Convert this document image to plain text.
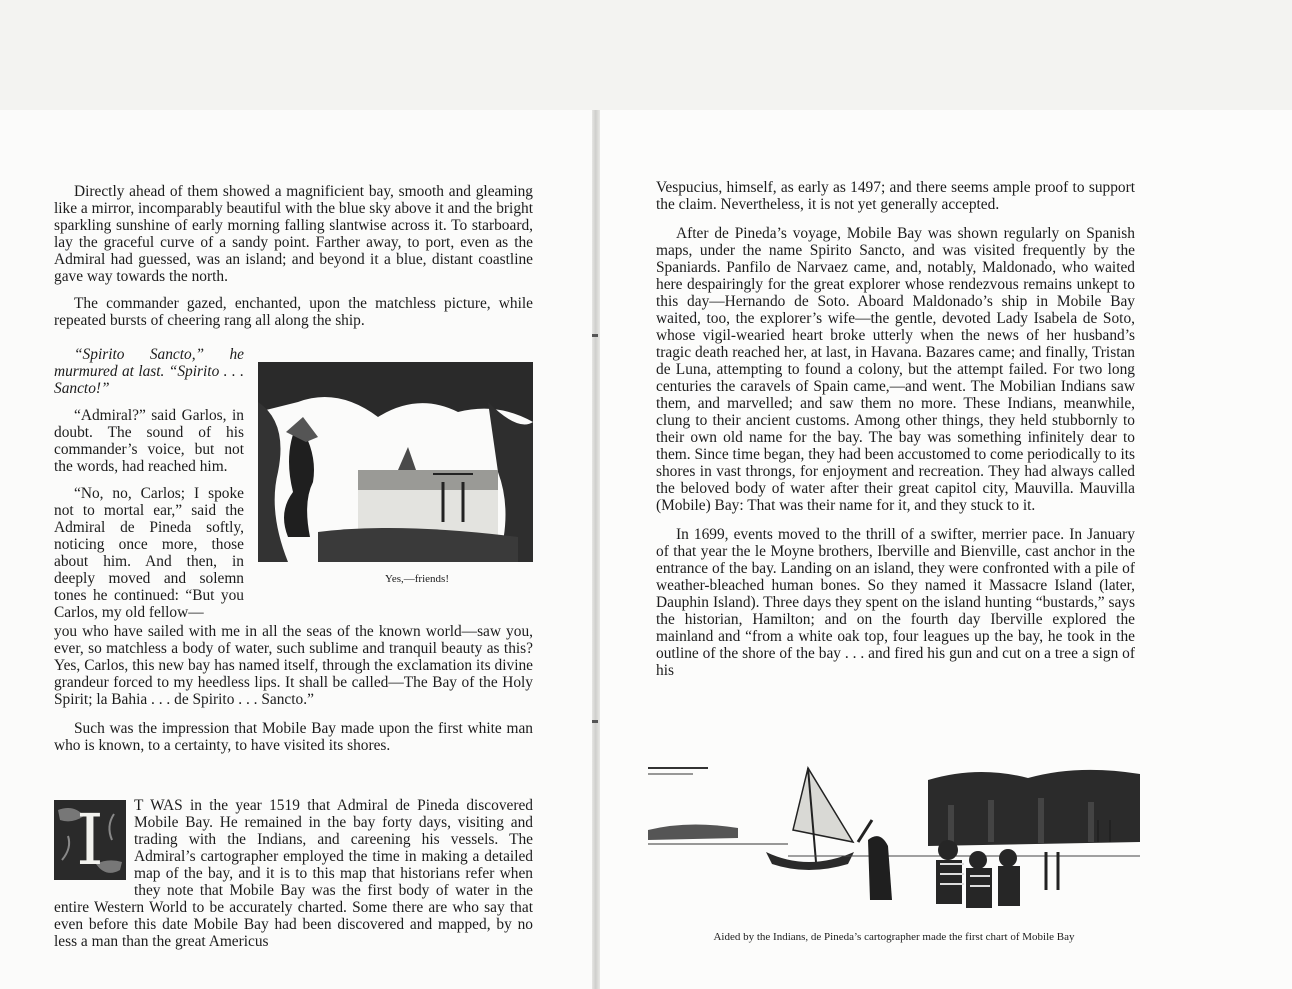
Directly ahead of them showed a magnificient bay, smooth and gleaming like a mirror, incomparably beautiful with the blue sky above it and the bright sparkling sunshine of early morning falling slantwise across it. To starboard, lay the graceful curve of a sandy point. Farther away, to port, even as the Admiral had guessed, was an island; and beyond it a blue, distant coastline gave way towards the north.

The commander gazed, enchanted, upon the matchless picture, while repeated bursts of cheering rang all along the ship.

“Spirito Sancto,” he murmured at last. “Spirito . . . Sancto!”

“Admiral?” said Garlos, in doubt. The sound of his commander’s voice, but not the words, had reached him.

“No, no, Carlos; I spoke not to mortal ear,” said the Admiral de Pineda softly, noticing once more, those about him. And then, in deeply moved and solemn tones he continued: “But you Carlos, my old fellow—

Yes,—friends!

you who have sailed with me in all the seas of the known world—saw you, ever, so matchless a body of water, such sublime and tranquil beauty as this? Yes, Carlos, this new bay has named itself, through the exclamation its divine grandeur forced to my heedless lips. It shall be called—The Bay of the Holy Spirit; la Bahia . . . de Spirito . . . Sancto.”

Such was the impression that Mobile Bay made upon the first white man who is known, to a certainty, to have visited its shores.

I	T WAS in the year 1519 that Admiral de Pineda discovered Mobile Bay. He remained in the bay forty days, visiting and trading with the Indians, and careening his vessels. The Admiral’s cartographer employed the time in making a detailed map of the bay, and it is to this map that historians refer when they note that Mobile Bay was the first body of water in the entire Western World to be accurately charted. Some there are who say that even before this date Mobile Bay had been discovered and mapped, by no less a man than the great Americus

Vespucius, himself, as early as 1497; and there seems ample proof to support the claim. Nevertheless, it is not yet generally accepted.

After de Pineda’s voyage, Mobile Bay was shown regularly on Spanish maps, under the name Spirito Sancto, and was visited frequently by the Spaniards. Panfilo de Narvaez came, and, notably, Maldonado, who waited here despairingly for the great explorer whose rendezvous remains unkept to this day—Hernando de Soto. Aboard Maldonado’s ship in Mobile Bay waited, too, the explorer’s wife—the gentle, devoted Lady Isabela de Soto, whose vigil-wearied heart broke utterly when the news of her husband’s tragic death reached her, at last, in Havana. Bazares came; and finally, Tristan de Luna, attempting to found a colony, but the attempt failed. For two long centuries the caravels of Spain came,—and went. The Mobilian Indians saw them, and marvelled; and saw them no more. These Indians, meanwhile, clung to their ancient customs. Among other things, they held stubbornly to their own old name for the bay. The bay was something infinitely dear to them. Since time began, they had been accustomed to come periodically to its shores in vast throngs, for enjoyment and recreation. They had always called the beloved body of water after their great capitol city, Mauvilla. Mauvilla (Mobile) Bay: That was their name for it, and they stuck to it.

In 1699, events moved to the thrill of a swifter, merrier pace. In January of that year the le Moyne brothers, Iberville and Bienville, cast anchor in the entrance of the bay. Landing on an island, they were confronted with a pile of weather-bleached human bones. So they named it Massacre Island (later, Dauphin Island). Three days they spent on the island hunting “bustards,” says the historian, Hamilton; and on the fourth day Iberville explored the mainland and “from a white oak top, four leagues up the bay, he took in the outline of the shore of the bay . . . and fired his gun and cut on a tree a sign of his

Aided by the Indians, de Pineda’s cartographer made the first chart of Mobile Bay
